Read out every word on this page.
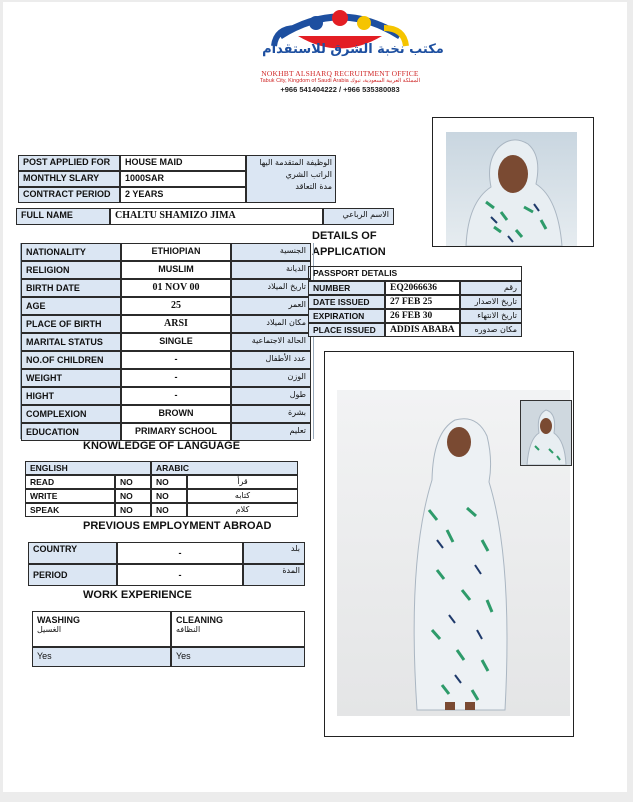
مكتب نخبة الشرق للاستقدام
NOKHBT ALSHARQ RECRUITMENT OFFICE
Tabuk City, Kingdom of Saudi Arabia المملكة العربية السعودية، تبوك
+966 541404222 / +966 535380083
POST APPLIED FOR	HOUSE MAID
MONTHLY SLARY	1000SAR
CONTRACT PERIOD	2 YEARS
الوظيفة المتقدمة اليها
الراتب الشري
مدة التعاقد
FULL NAME	CHALTU SHAMIZO JIMA	الاسم الرباعي
DETAILS OF APPLICATION
NATIONALITY	ETHIOPIAN	الجنسية
RELIGION	MUSLIM	الديانة
BIRTH DATE	01 NOV 00	تاريخ الميلاد
AGE	25	العمر
PLACE OF BIRTH	ARSI	مكان الميلاد
MARITAL STATUS	SINGLE	الحالة الاجتماعية
NO.OF CHILDREN	-	عدد الأطفال
WEIGHT	-	الوزن
HIGHT	-	طول
COMPLEXION	BROWN	بشرة
EDUCATION	PRIMARY SCHOOL	تعليم
PASSPORT DETALIS
NUMBER	EQ2066636	رقم
DATE ISSUED	27 FEB 25	تاريخ الاصدار
EXPIRATION	26 FEB 30	تاريخ الانتهاء
PLACE ISSUED	ADDIS ABABA	مكان صدوره
KNOWLEDGE OF LANGUAGE
ENGLISH	ARABIC
READ	NO	NO	قرأ
WRITE	NO	NO	كتابه
SPEAK	NO	NO	كلام
PREVIOUS EMPLOYMENT ABROAD
COUNTRY	-	بلد
PERIOD	-	المدة
WORK EXPERIENCE
WASHING
الغسيل
CLEANING
النظافه
Yes	Yes
